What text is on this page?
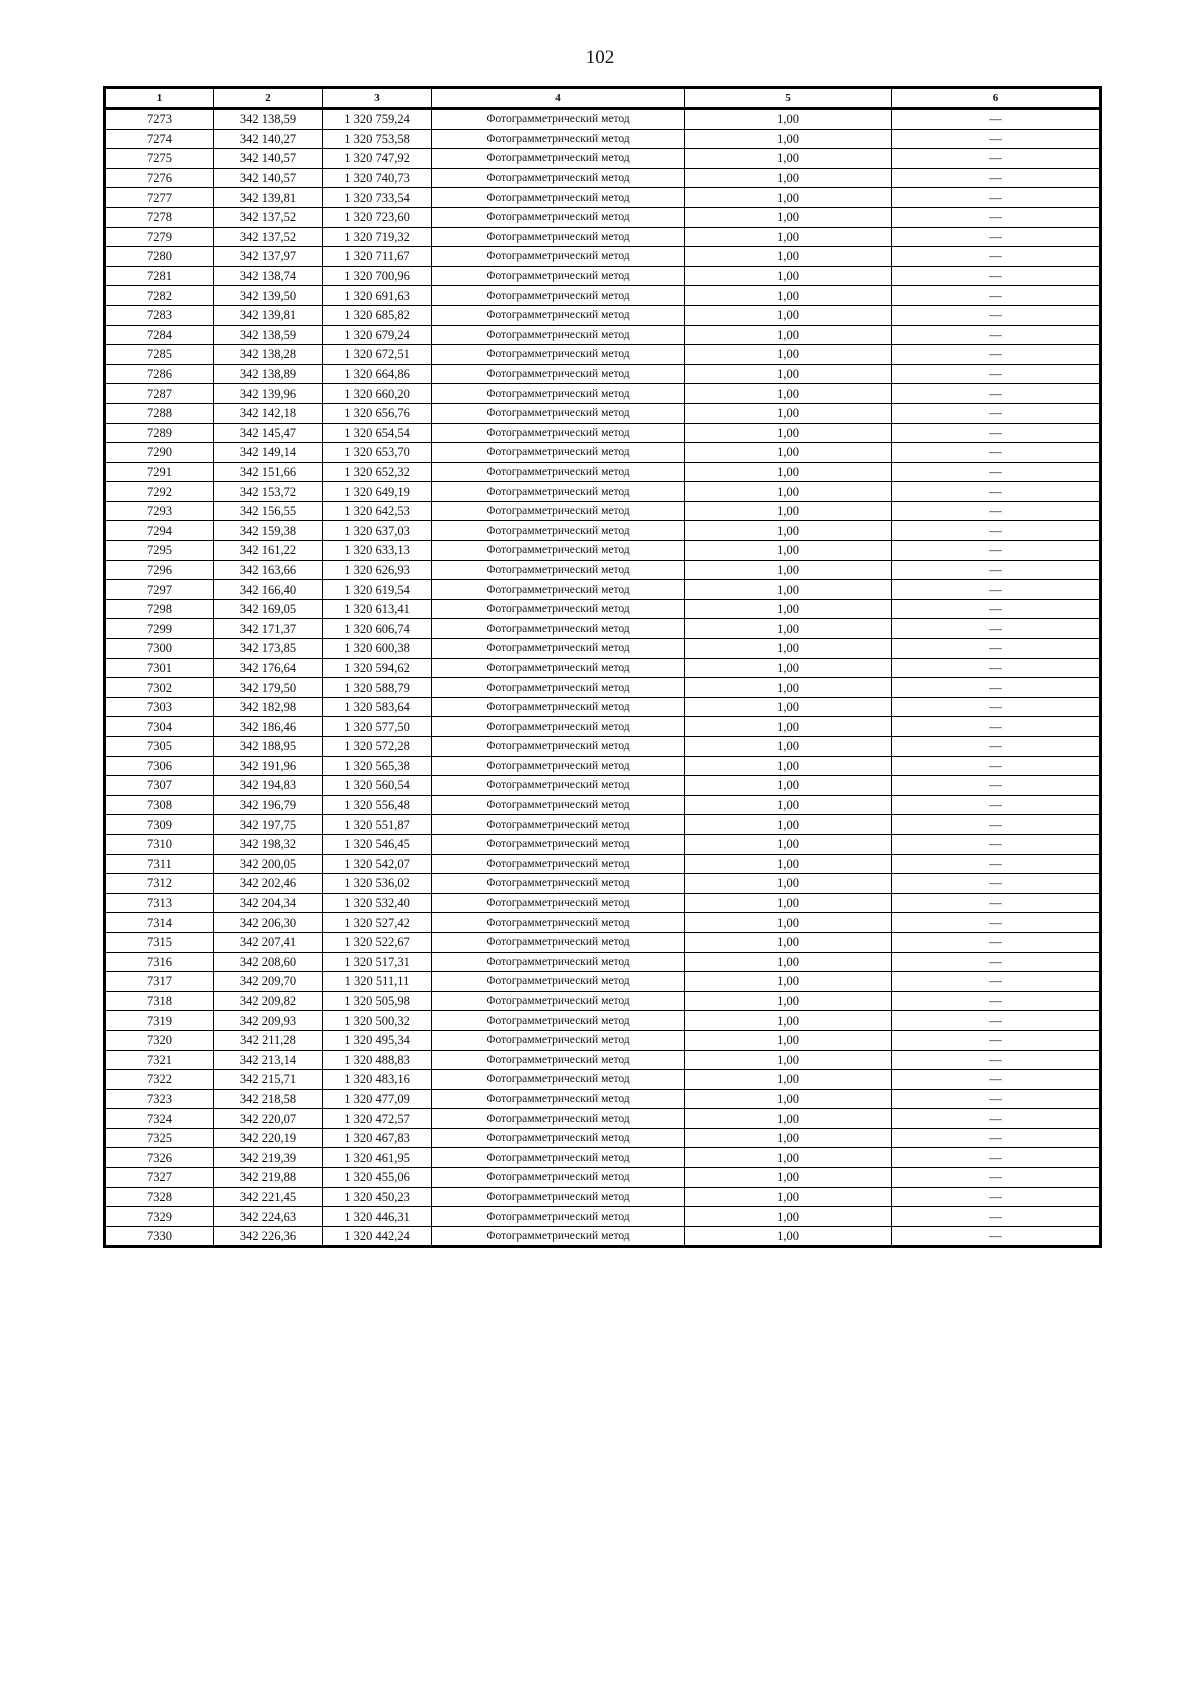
102
1	2	3	4	5	6
7273	342 138,59	1 320 759,24	Фотограмметрический метод	1,00	—
7274	342 140,27	1 320 753,58	Фотограмметрический метод	1,00	—
7275	342 140,57	1 320 747,92	Фотограмметрический метод	1,00	—
7276	342 140,57	1 320 740,73	Фотограмметрический метод	1,00	—
7277	342 139,81	1 320 733,54	Фотограмметрический метод	1,00	—
7278	342 137,52	1 320 723,60	Фотограмметрический метод	1,00	—
7279	342 137,52	1 320 719,32	Фотограмметрический метод	1,00	—
7280	342 137,97	1 320 711,67	Фотограмметрический метод	1,00	—
7281	342 138,74	1 320 700,96	Фотограмметрический метод	1,00	—
7282	342 139,50	1 320 691,63	Фотограмметрический метод	1,00	—
7283	342 139,81	1 320 685,82	Фотограмметрический метод	1,00	—
7284	342 138,59	1 320 679,24	Фотограмметрический метод	1,00	—
7285	342 138,28	1 320 672,51	Фотограмметрический метод	1,00	—
7286	342 138,89	1 320 664,86	Фотограмметрический метод	1,00	—
7287	342 139,96	1 320 660,20	Фотограмметрический метод	1,00	—
7288	342 142,18	1 320 656,76	Фотограмметрический метод	1,00	—
7289	342 145,47	1 320 654,54	Фотограмметрический метод	1,00	—
7290	342 149,14	1 320 653,70	Фотограмметрический метод	1,00	—
7291	342 151,66	1 320 652,32	Фотограмметрический метод	1,00	—
7292	342 153,72	1 320 649,19	Фотограмметрический метод	1,00	—
7293	342 156,55	1 320 642,53	Фотограмметрический метод	1,00	—
7294	342 159,38	1 320 637,03	Фотограмметрический метод	1,00	—
7295	342 161,22	1 320 633,13	Фотограмметрический метод	1,00	—
7296	342 163,66	1 320 626,93	Фотограмметрический метод	1,00	—
7297	342 166,40	1 320 619,54	Фотограмметрический метод	1,00	—
7298	342 169,05	1 320 613,41	Фотограмметрический метод	1,00	—
7299	342 171,37	1 320 606,74	Фотограмметрический метод	1,00	—
7300	342 173,85	1 320 600,38	Фотограмметрический метод	1,00	—
7301	342 176,64	1 320 594,62	Фотограмметрический метод	1,00	—
7302	342 179,50	1 320 588,79	Фотограмметрический метод	1,00	—
7303	342 182,98	1 320 583,64	Фотограмметрический метод	1,00	—
7304	342 186,46	1 320 577,50	Фотограмметрический метод	1,00	—
7305	342 188,95	1 320 572,28	Фотограмметрический метод	1,00	—
7306	342 191,96	1 320 565,38	Фотограмметрический метод	1,00	—
7307	342 194,83	1 320 560,54	Фотограмметрический метод	1,00	—
7308	342 196,79	1 320 556,48	Фотограмметрический метод	1,00	—
7309	342 197,75	1 320 551,87	Фотограмметрический метод	1,00	—
7310	342 198,32	1 320 546,45	Фотограмметрический метод	1,00	—
7311	342 200,05	1 320 542,07	Фотограмметрический метод	1,00	—
7312	342 202,46	1 320 536,02	Фотограмметрический метод	1,00	—
7313	342 204,34	1 320 532,40	Фотограмметрический метод	1,00	—
7314	342 206,30	1 320 527,42	Фотограмметрический метод	1,00	—
7315	342 207,41	1 320 522,67	Фотограмметрический метод	1,00	—
7316	342 208,60	1 320 517,31	Фотограмметрический метод	1,00	—
7317	342 209,70	1 320 511,11	Фотограмметрический метод	1,00	—
7318	342 209,82	1 320 505,98	Фотограмметрический метод	1,00	—
7319	342 209,93	1 320 500,32	Фотограмметрический метод	1,00	—
7320	342 211,28	1 320 495,34	Фотограмметрический метод	1,00	—
7321	342 213,14	1 320 488,83	Фотограмметрический метод	1,00	—
7322	342 215,71	1 320 483,16	Фотограмметрический метод	1,00	—
7323	342 218,58	1 320 477,09	Фотограмметрический метод	1,00	—
7324	342 220,07	1 320 472,57	Фотограмметрический метод	1,00	—
7325	342 220,19	1 320 467,83	Фотограмметрический метод	1,00	—
7326	342 219,39	1 320 461,95	Фотограмметрический метод	1,00	—
7327	342 219,88	1 320 455,06	Фотограмметрический метод	1,00	—
7328	342 221,45	1 320 450,23	Фотограмметрический метод	1,00	—
7329	342 224,63	1 320 446,31	Фотограмметрический метод	1,00	—
7330	342 226,36	1 320 442,24	Фотограмметрический метод	1,00	—
